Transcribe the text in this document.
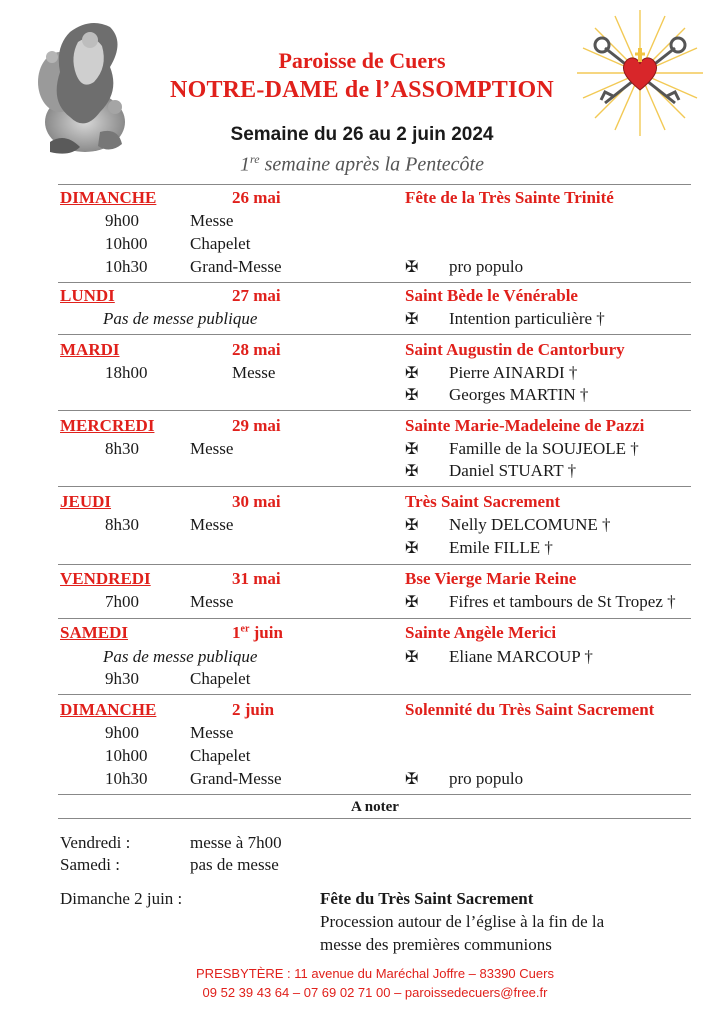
Paroisse de Cuers
NOTRE-DAME de l’ASSOMPTION
Semaine du 26 au 2 juin 2024
1re semaine après la Pentecôte
DIMANCHE	26 mai	Fête de la Très Sainte Trinité
9h00	Messe
10h00	Chapelet
10h30	Grand-Messe	✠ pro populo
LUNDI	27 mai	Saint Bède le Vénérable
Pas de messe publique	✠ Intention particulière †
MARDI	28 mai	Saint Augustin de Cantorbury
18h00	Messe	✠ Pierre AINARDI †
✠ Georges MARTIN †
MERCREDI	29 mai	Sainte Marie-Madeleine de Pazzi
8h30	Messe	✠ Famille de la SOUJEOLE †
✠ Daniel STUART †
JEUDI	30 mai	Très Saint Sacrement
8h30	Messe	✠ Nelly DELCOMUNE †
✠ Emile FILLE †
VENDREDI	31 mai	Bse Vierge Marie Reine
7h00	Messe	✠ Fifres et tambours de St Tropez †
SAMEDI	1er juin	Sainte Angèle Merici
Pas de messe publique	✠ Eliane MARCOUP †
9h30	Chapelet
DIMANCHE	2 juin	Solennité du Très Saint Sacrement
9h00	Messe
10h00	Chapelet
10h30	Grand-Messe	✠ pro populo
A noter
Vendredi :	messe à 7h00
Samedi :	pas de messe
Dimanche 2 juin :	Fête du Très Saint Sacrement
Procession autour de l’église à la fin de la
messe des premières communions
PRESBYTÈRE : 11 avenue du Maréchal Joffre – 83390 Cuers
09 52 39 43 64 – 07 69 02 71 00 – paroissedecuers@free.fr
